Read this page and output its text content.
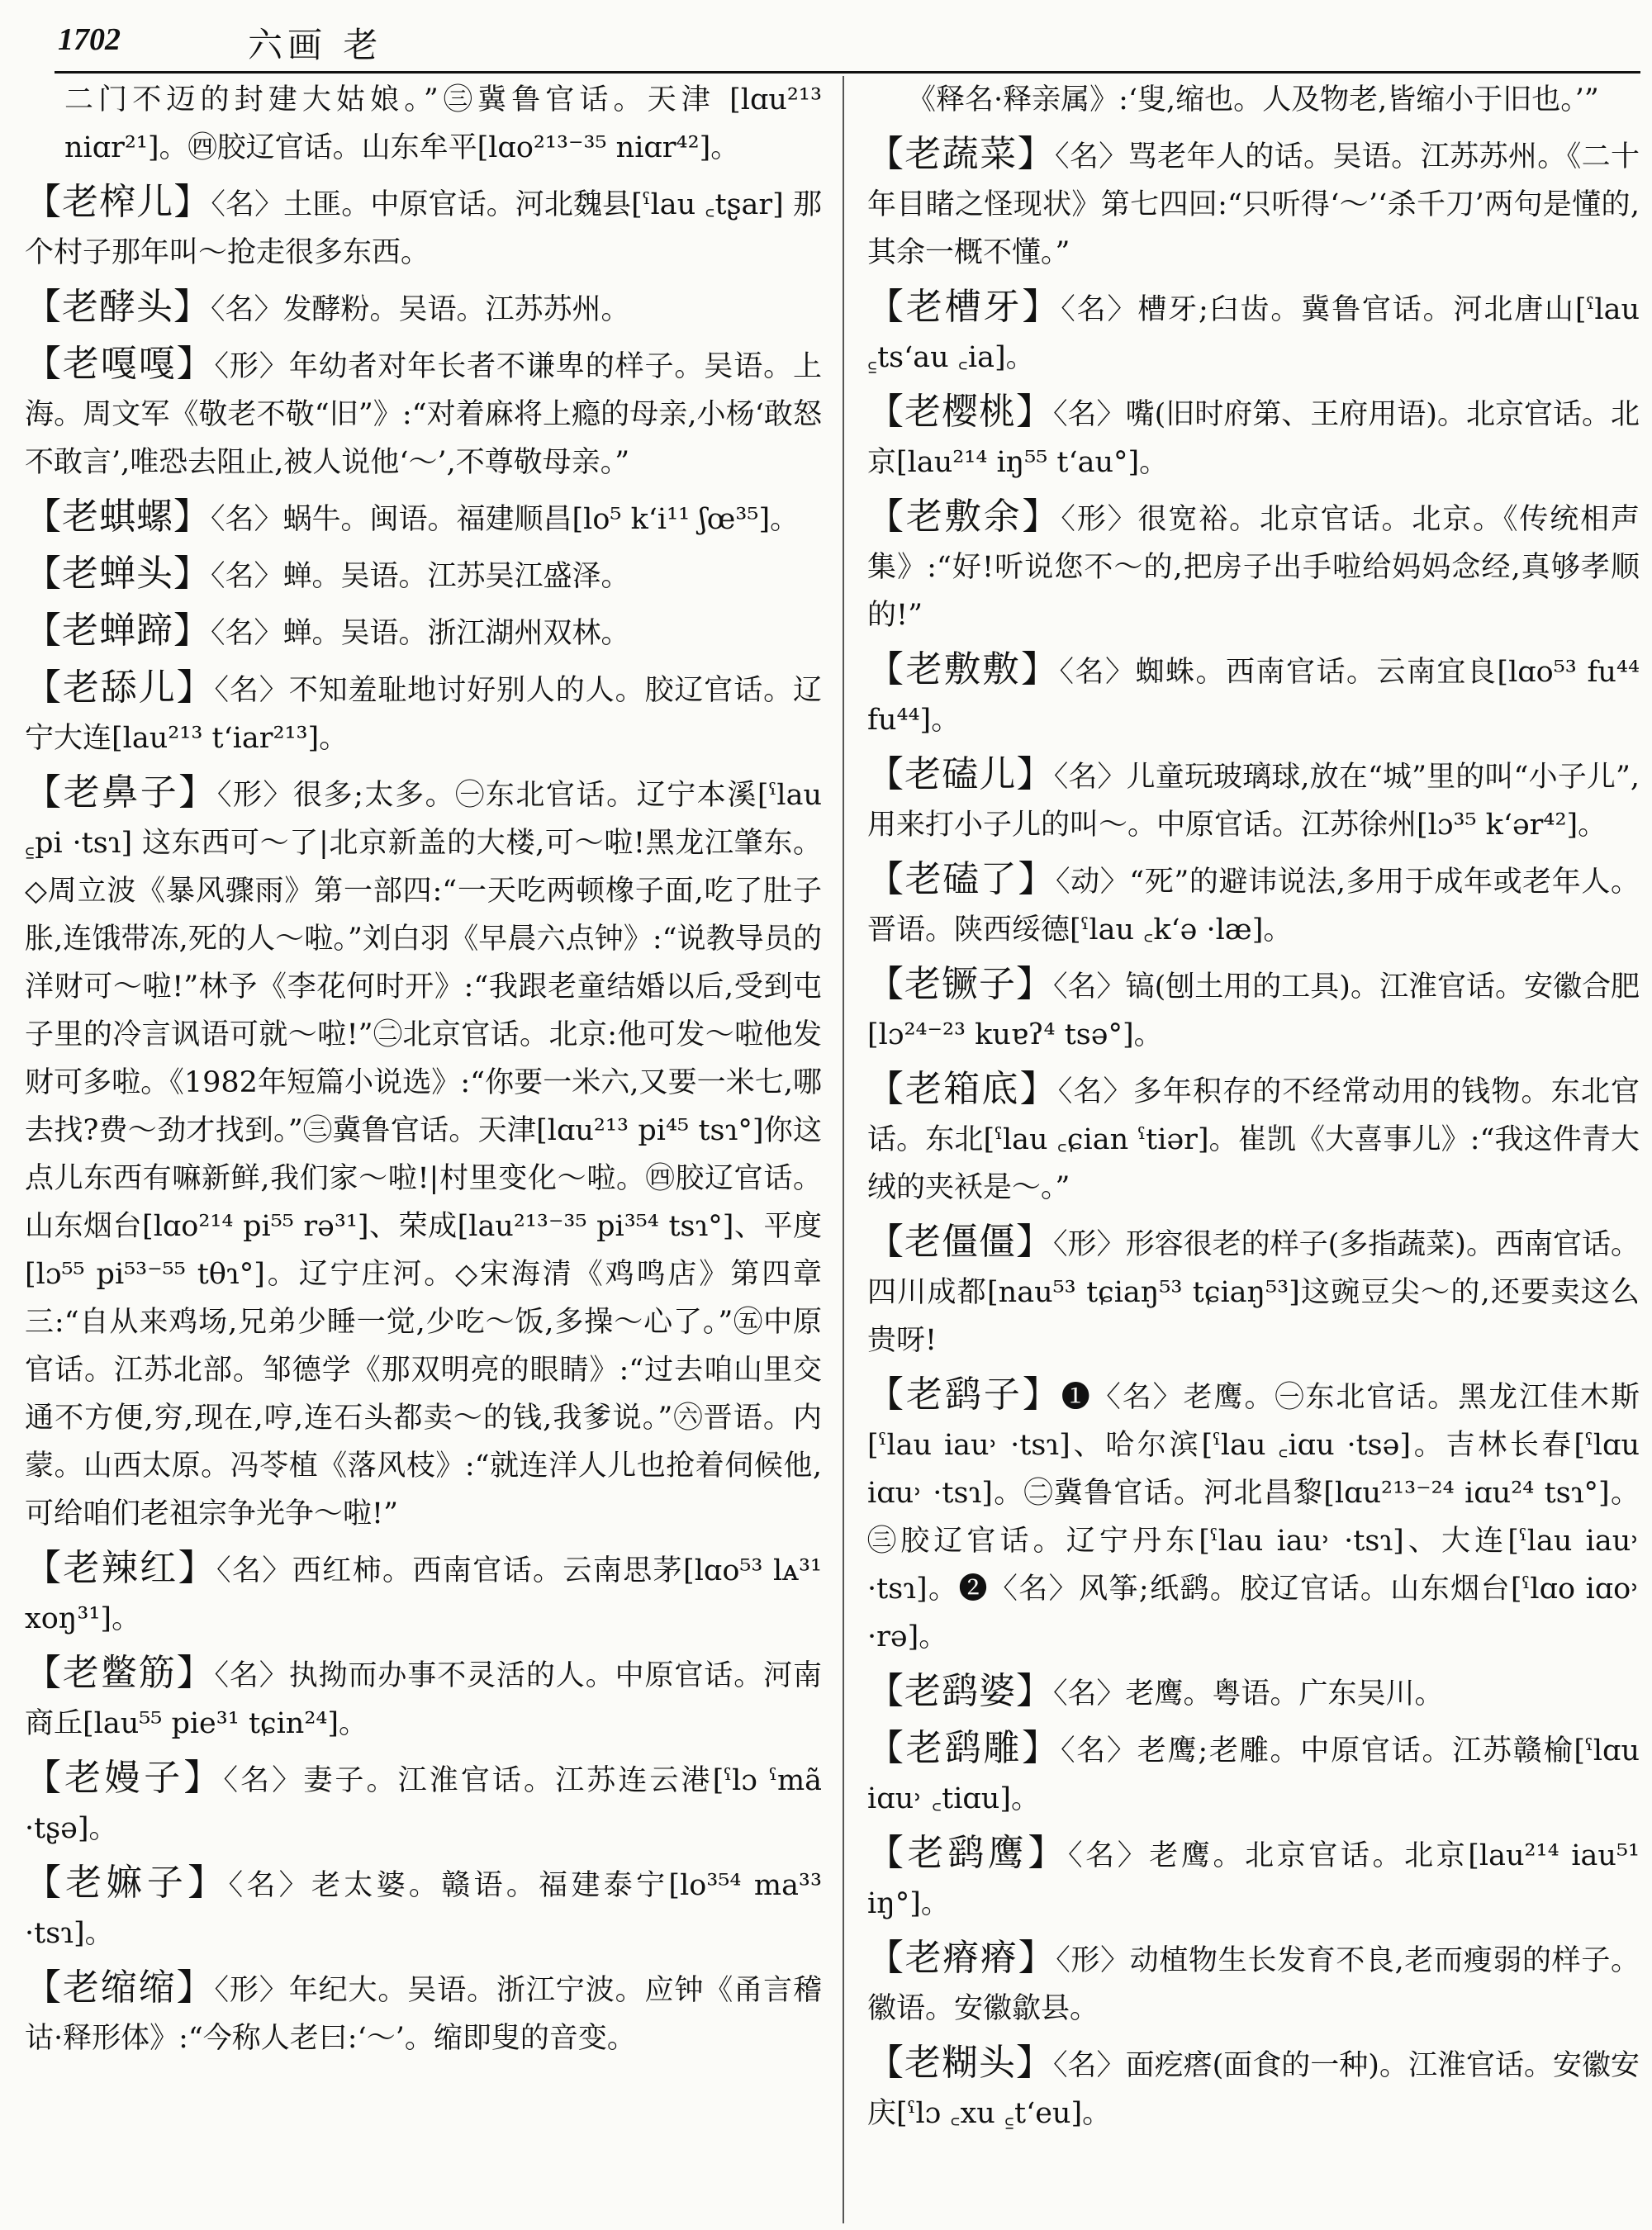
1702	六画 老
二门不迈的封建大姑娘。”㊂冀鲁官话。天津 [lɑu²¹³ niɑr²¹]。㊃胶辽官话。山东牟平[lɑo²¹³⁻³⁵ niɑr⁴²]。
【老榨儿】〈名〉土匪。中原官话。河北魏县[ˤlau ꜀tʂar] 那个村子那年叫～抢走很多东西。
【老酵头】〈名〉发酵粉。吴语。江苏苏州。
【老嘎嘎】〈形〉年幼者对年长者不谦卑的样子。吴语。上海。周文军《敬老不敬“旧”》:“对着麻将上瘾的母亲,小杨‘敢怒不敢言’,唯恐去阻止,被人说他‘～’,不尊敬母亲。”
【老蜞螺】〈名〉蜗牛。闽语。福建顺昌[lo⁵ k‘i¹¹ ʃœ³⁵]。
【老蝉头】〈名〉蝉。吴语。江苏吴江盛泽。
【老蝉蹄】〈名〉蝉。吴语。浙江湖州双林。
【老舔儿】〈名〉不知羞耻地讨好别人的人。胶辽官话。辽宁大连[lau²¹³ t‘iar²¹³]。
【老鼻子】〈形〉很多;太多。㊀东北官话。辽宁本溪[ˤlau ꜁pi ·tsɿ] 这东西可～了|北京新盖的大楼,可～啦!黑龙江肇东。◇周立波《暴风骤雨》第一部四:“一天吃两顿橡子面,吃了肚子胀,连饿带冻,死的人～啦。”刘白羽《早晨六点钟》:“说教导员的洋财可～啦!”林予《李花何时开》:“我跟老童结婚以后,受到屯子里的冷言讽语可就～啦!”㊁北京官话。北京:他可发～啦他发财可多啦。《1982年短篇小说选》:“你要一米六,又要一米七,哪去找?费～劲才找到。”㊂冀鲁官话。天津[lɑu²¹³ pi⁴⁵ tsɿ°]你这点儿东西有嘛新鲜,我们家～啦!|村里变化～啦。㊃胶辽官话。山东烟台[lɑo²¹⁴ pi⁵⁵ rə³¹]、荣成[lau²¹³⁻³⁵ pi³⁵⁴ tsɿ°]、平度[lɔ⁵⁵ pi⁵³⁻⁵⁵ tθɿ°]。辽宁庄河。◇宋海清《鸡鸣店》第四章三:“自从来鸡场,兄弟少睡一觉,少吃～饭,多操～心了。”㊄中原官话。江苏北部。邹德学《那双明亮的眼睛》:“过去咱山里交通不方便,穷,现在,哼,连石头都卖～的钱,我爹说。”㊅晋语。内蒙。山西太原。冯苓植《落风枝》:“就连洋人儿也抢着伺候他,可给咱们老祖宗争光争～啦!”
【老辣红】〈名〉西红柿。西南官话。云南思茅[lɑo⁵³ lᴀ³¹ xoŋ³¹]。
【老鳖筋】〈名〉执拗而办事不灵活的人。中原官话。河南商丘[lau⁵⁵ pie³¹ tɕin²⁴]。
【老嫚子】〈名〉妻子。江淮官话。江苏连云港[ˤlɔ ˤmã ·tʂə]。
【老嫲子】〈名〉老太婆。赣语。福建泰宁[lo³⁵⁴ ma³³ ·tsɿ]。
【老缩缩】〈形〉年纪大。吴语。浙江宁波。应钟《甬言稽诂·释形体》:“今称人老曰:‘～’。缩即叟的音变。
《释名·释亲属》:‘叟,缩也。人及物老,皆缩小于旧也。’”
【老蔬菜】〈名〉骂老年人的话。吴语。江苏苏州。《二十年目睹之怪现状》第七四回:“只听得‘～’‘杀千刀’两句是懂的,其余一概不懂。”
【老槽牙】〈名〉槽牙;臼齿。冀鲁官话。河北唐山[ˤlau ꜁ts‘au ꜀ia]。
【老樱桃】〈名〉嘴(旧时府第、王府用语)。北京官话。北京[lau²¹⁴ iŋ⁵⁵ t‘au°]。
【老敷余】〈形〉很宽裕。北京官话。北京。《传统相声集》:“好!听说您不～的,把房子出手啦给妈妈念经,真够孝顺的!”
【老敷敷】〈名〉蜘蛛。西南官话。云南宜良[lɑo⁵³ fu⁴⁴ fu⁴⁴]。
【老磕儿】〈名〉儿童玩玻璃球,放在“城”里的叫“小子儿”,用来打小子儿的叫～。中原官话。江苏徐州[lɔ³⁵ k‘ər⁴²]。
【老磕了】〈动〉“死”的避讳说法,多用于成年或老年人。晋语。陕西绥德[ˤlau ꜀k‘ə ·læ]。
【老镢子】〈名〉镐(刨土用的工具)。江淮官话。安徽合肥[lɔ²⁴⁻²³ kuɐʔ⁴ tsə°]。
【老箱底】〈名〉多年积存的不经常动用的钱物。东北官话。东北[ˤlau ꜀ɕian ˤtiər]。崔凯《大喜事儿》:“我这件青大绒的夹袄是～。”
【老僵僵】〈形〉形容很老的样子(多指蔬菜)。西南官话。四川成都[nau⁵³ tɕiaŋ⁵³ tɕiaŋ⁵³]这豌豆尖～的,还要卖这么贵呀!
【老鹞子】❶〈名〉老鹰。㊀东北官话。黑龙江佳木斯[ˤlau iau˒ ·tsɿ]、哈尔滨[ˤlau ꜀iɑu ·tsə]。吉林长春[ˤlɑu iɑu˒ ·tsɿ]。㊁冀鲁官话。河北昌黎[lɑu²¹³⁻²⁴ iɑu²⁴ tsɿ°]。㊂胶辽官话。辽宁丹东[ˤlau iau˒ ·tsɿ]、大连[ˤlau iau˒ ·tsɿ]。❷〈名〉风筝;纸鹞。胶辽官话。山东烟台[ˤlɑo iɑo˒ ·rə]。
【老鹞婆】〈名〉老鹰。粤语。广东吴川。
【老鹞雕】〈名〉老鹰;老雕。中原官话。江苏赣榆[ˤlɑu iɑu˒ ꜀tiɑu]。
【老鹞鹰】〈名〉老鹰。北京官话。北京[lau²¹⁴ iau⁵¹ iŋ°]。
【老瘠瘠】〈形〉动植物生长发育不良,老而瘦弱的样子。徽语。安徽歙县。
【老糊头】〈名〉面疙瘩(面食的一种)。江淮官话。安徽安庆[ˤlɔ ꜀xu ꜁t‘eu]。
